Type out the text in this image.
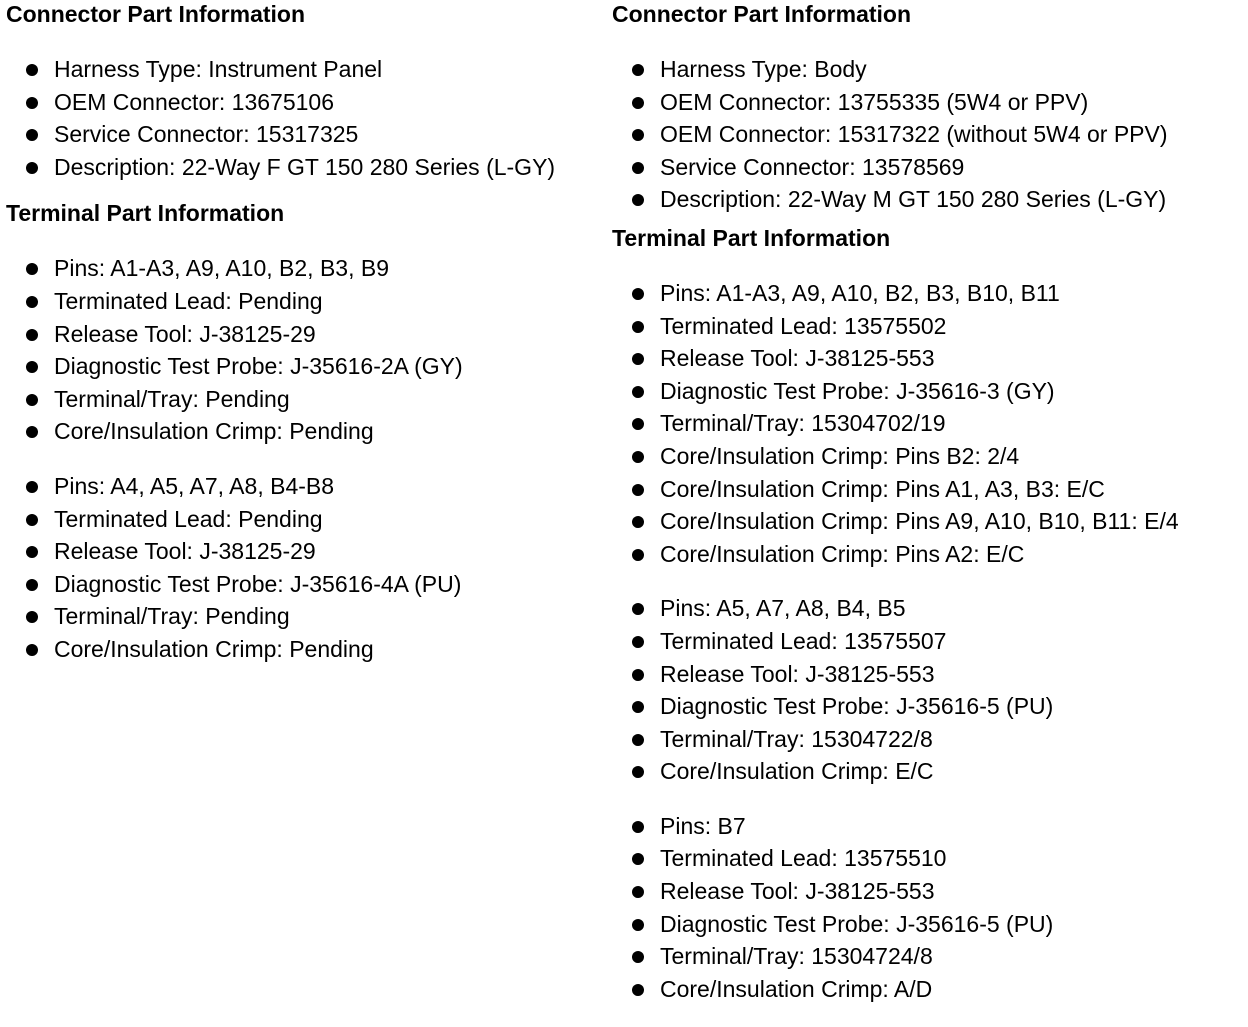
Connector Part Information
Harness Type: Instrument Panel
OEM Connector: 13675106
Service Connector: 15317325
Description: 22-Way F GT 150 280 Series (L-GY)
Terminal Part Information
Pins: A1-A3, A9, A10, B2, B3, B9
Terminated Lead: Pending
Release Tool: J-38125-29
Diagnostic Test Probe: J-35616-2A (GY)
Terminal/Tray: Pending
Core/Insulation Crimp: Pending
Pins: A4, A5, A7, A8, B4-B8
Terminated Lead: Pending
Release Tool: J-38125-29
Diagnostic Test Probe: J-35616-4A (PU)
Terminal/Tray: Pending
Core/Insulation Crimp: Pending
Connector Part Information
Harness Type: Body
OEM Connector: 13755335 (5W4 or PPV)
OEM Connector: 15317322 (without 5W4 or PPV)
Service Connector: 13578569
Description: 22-Way M GT 150 280 Series (L-GY)
Terminal Part Information
Pins: A1-A3, A9, A10, B2, B3, B10, B11
Terminated Lead: 13575502
Release Tool: J-38125-553
Diagnostic Test Probe: J-35616-3 (GY)
Terminal/Tray: 15304702/19
Core/Insulation Crimp: Pins B2: 2/4
Core/Insulation Crimp: Pins A1, A3, B3: E/C
Core/Insulation Crimp: Pins A9, A10, B10, B11: E/4
Core/Insulation Crimp: Pins A2: E/C
Pins: A5, A7, A8, B4, B5
Terminated Lead: 13575507
Release Tool: J-38125-553
Diagnostic Test Probe: J-35616-5 (PU)
Terminal/Tray: 15304722/8
Core/Insulation Crimp: E/C
Pins: B7
Terminated Lead: 13575510
Release Tool: J-38125-553
Diagnostic Test Probe: J-35616-5 (PU)
Terminal/Tray: 15304724/8
Core/Insulation Crimp: A/D
